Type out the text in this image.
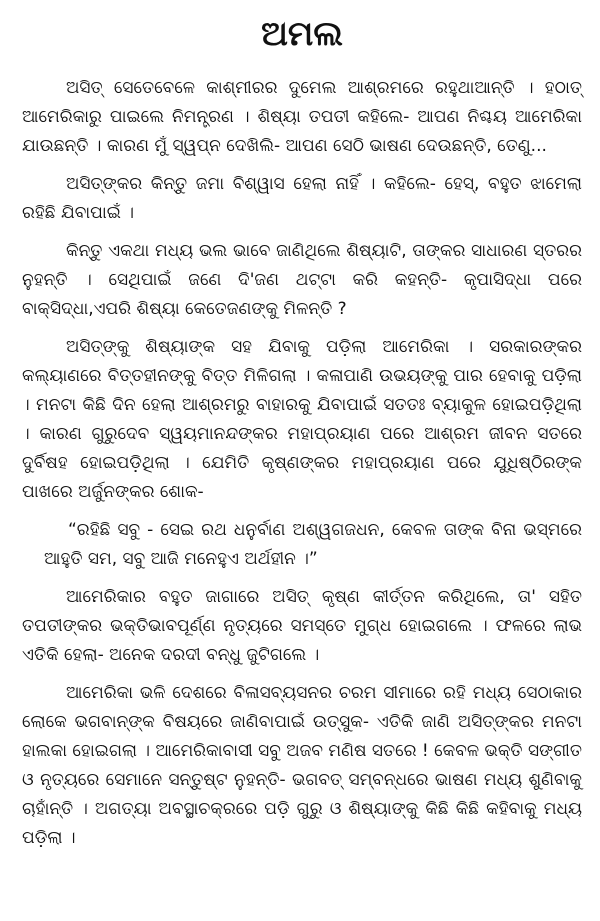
ଅମଲ

ଅସିତ୍ ସେତେବେଳେ କାଶ୍ମୀରର ଦୁମେଲ ଆଶ୍ରମରେ ରହୁଥାଆନ୍ତି । ହଠାତ୍ ଆମେରିକାରୁ ପାଇଲେ ନିମନ୍ତ୍ରଣ । ଶିଷ୍ୟା ତପତୀ କହିଲେ- ଆପଣ ନିଶ୍ଚୟ ଆମେରିକା ଯାଉଛନ୍ତି । କାରଣ ମୁଁ ସ୍ୱପ୍ନ ଦେଖିଲି- ଆପଣ ସେଠି ଭାଷଣ ଦେଉଛନ୍ତି, ତେଣୁ...

ଅସିତ୍‌ଙ୍କର କିନ୍ତୁ ଜମା ବିଶ୍ୱାସ ହେଲା ନାହିଁ । କହିଲେ- ହେସ୍, ବହୁତ ଝାମେଲା ରହିଛି ଯିବାପାଇଁ ।

କିନ୍ତୁ ଏକଥା ମଧ୍ୟ ଭଲ ଭାବେ ଜାଣିଥିଲେ ଶିଷ୍ୟାଟି, ତାଙ୍କର ସାଧାରଣ ସ୍ତରର ନୁହନ୍ତି । ସେଥିପାଇଁ ଜଣେ ଦି'ଜଣ ଥଟ୍ଟା କରି କହନ୍ତି- କୃପାସିଦ୍ଧା ପରେ ବାକ୍‌ସିଦ୍ଧା,ଏପରି ଶିଷ୍ୟା କେତେଜଣଙ୍କୁ ମିଳନ୍ତି ?

ଅସିତ୍‌ଙ୍କୁ ଶିଷ୍ୟାଙ୍କ ସହ ଯିବାକୁ ପଡ଼ିଲା ଆମେରିକା । ସରକାରଙ୍କର କଲ୍ୟାଣରେ ବିତ୍ତହୀନଙ୍କୁ ବିତ୍ତ ମିଳିଗଲା । କଳାପାଣି ଉଭୟଙ୍କୁ ପାର ହେବାକୁ ପଡ଼ିଲା । ମନଟା କିଛି ଦିନ ହେଲା ଆଶ୍ରମରୁ ବାହାରକୁ ଯିବାପାଇଁ ସତତଃ ବ୍ୟାକୁଳ ହୋଇପଡ଼ିଥିଲା । କାରଣ ଗୁରୁଦେବ ସ୍ୱୟମାନନ୍ଦଙ୍କର ମହାପ୍ରୟାଣ ପରେ ଆଶ୍ରମ ଜୀବନ ସତରେ ଦୁର୍ବିଷହ ହୋଇପଡ଼ିଥିଲା । ଯେମିତି କୃଷ୍ଣଙ୍କର ମହାପ୍ରୟାଣ ପରେ ଯୁଧିଷ୍ଠିରଙ୍କ ପାଖରେ ଅର୍ଜୁନଙ୍କର ଶୋକ-

“ରହିଛି ସବୁ - ସେଇ ରଥ ଧନୁର୍ବାଣ ଅଶ୍ୱଗଜଧନ, କେବଳ ତାଙ୍କ ବିନା ଭସ୍ମରେ ଆହୁତି ସମ, ସବୁ ଆଜି ମନେହୁଏ ଅର୍ଥହୀନ ।”

ଆମେରିକାର ବହୁତ ଜାଗାରେ ଅସିତ୍ କୃଷ୍ଣ କୀର୍ତ୍ତନ କରିଥିଲେ, ତା' ସହିତ ତପତୀଙ୍କର ଭକ୍ତିଭାବପୂର୍ଣ୍ଣ ନୃତ୍ୟରେ ସମସ୍ତେ ମୁଗ୍ଧ ହୋଇଗଲେ । ଫଳରେ ଲାଭ ଏତିକି ହେଲା- ଅନେକ ଦରଦୀ ବନ୍ଧୁ ଜୁଟିଗଲେ ।

ଆମେରିକା ଭଳି ଦେଶରେ ବିଳାସବ୍ୟସନର ଚରମ ସୀମାରେ ରହି ମଧ୍ୟ ସେଠାକାର ଲୋକେ ଭଗବାନ୍‌ଙ୍କ ବିଷୟରେ ଜାଣିବାପାଇଁ ଉତ୍ସୁକ- ଏତିକି ଜାଣି ଅସିତ୍‌ଙ୍କର ମନଟା ହାଲକା ହୋଇଗଲା । ଆମେରିକାବାସୀ ସବୁ ଅଜବ ମଣିଷ ସତରେ ! କେବଳ ଭକ୍ତି ସଙ୍ଗୀତ ଓ ନୃତ୍ୟରେ ସେମାନେ ସନ୍ତୁଷ୍ଟ ନୁହନ୍ତି- ଭଗବତ୍ ସମ୍ବନ୍ଧରେ ଭାଷଣ ମଧ୍ୟ ଶୁଣିବାକୁ ଚାହାଁନ୍ତି । ଅଗତ୍ୟା ଅବସ୍ଥାଚକ୍ରରେ ପଡ଼ି ଗୁରୁ ଓ ଶିଷ୍ୟାଙ୍କୁ କିଛି କିଛି କହିବାକୁ ମଧ୍ୟ ପଡ଼ିଲା ।
